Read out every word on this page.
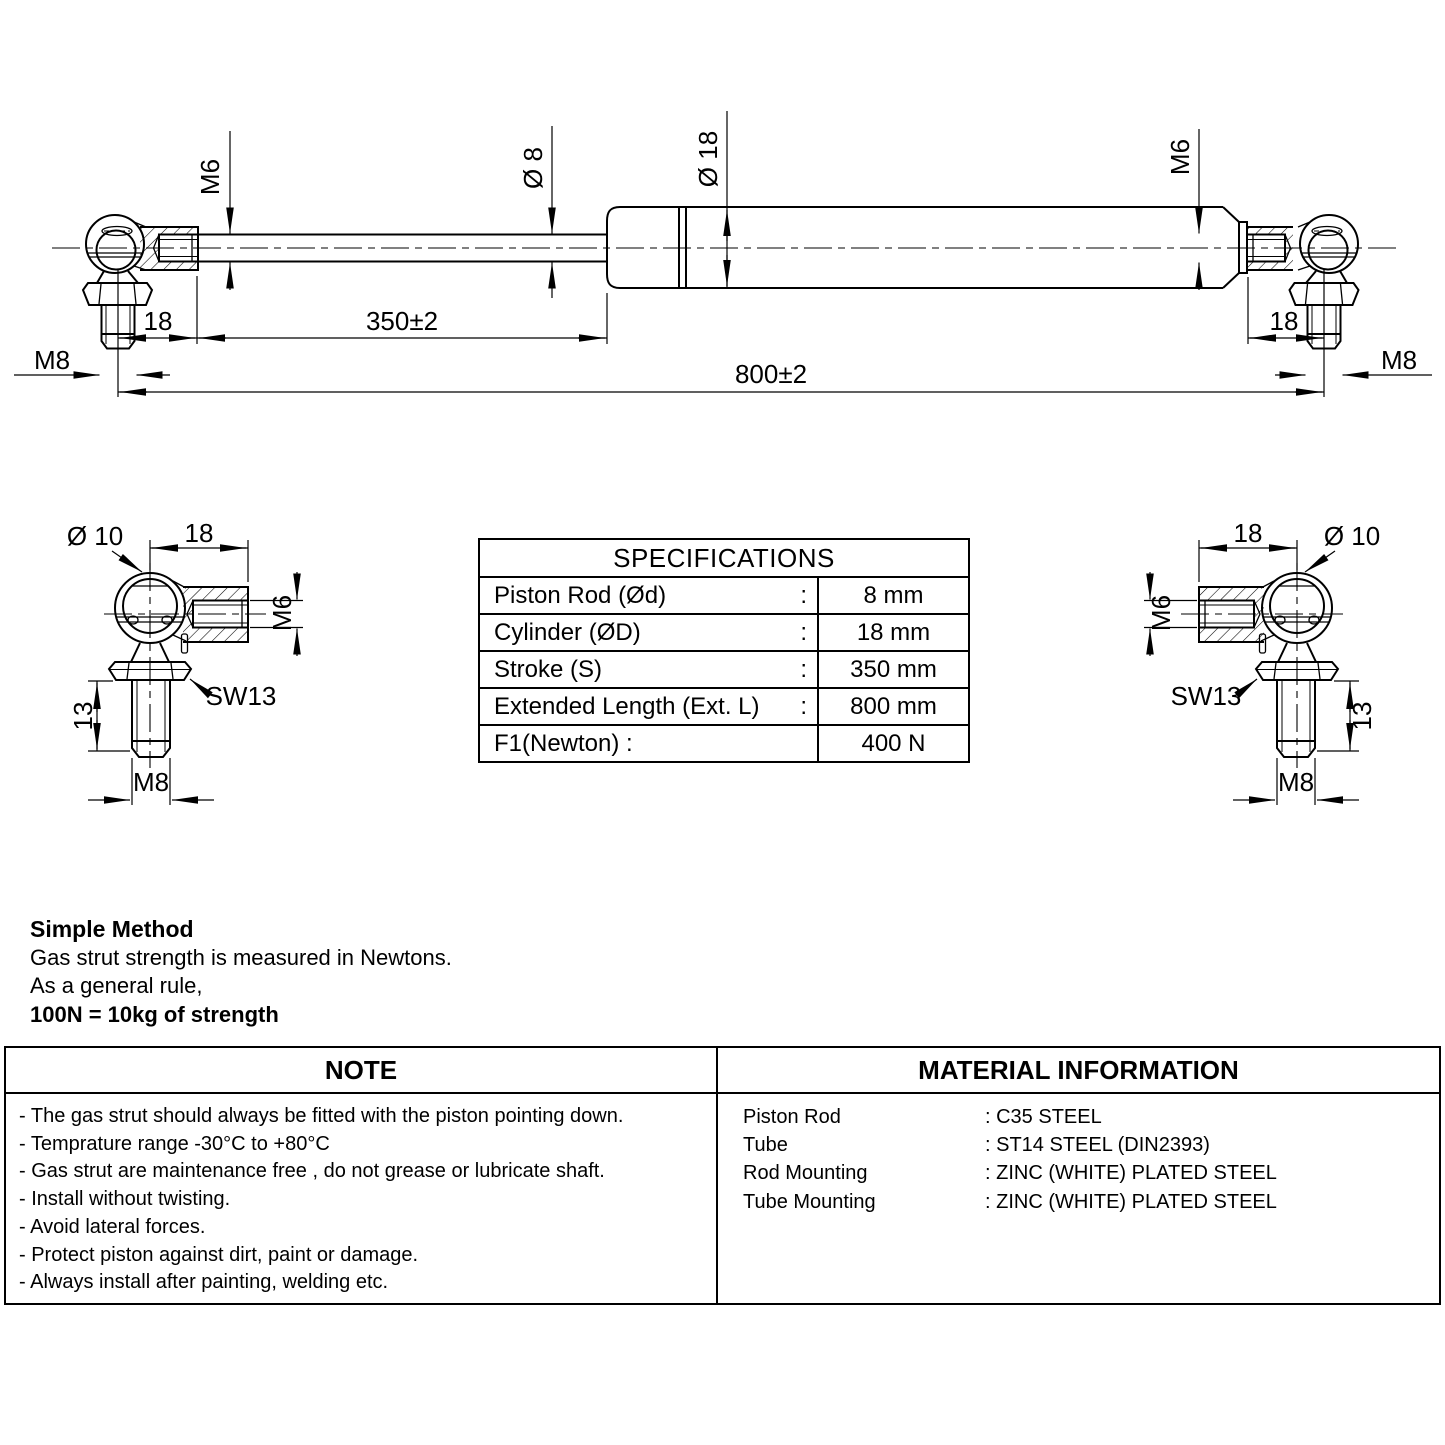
M6	Ø 8	Ø 18	M6
18	350±2	18
M8	M8
800±2
Ø 10 18
M6
SW13
13
M8
18 Ø 10
M6
SW13
13
M8
SPECIFICATIONS
Piston Rod (Ød)	:	8 mm
Cylinder (ØD)	:	18 mm
Stroke (S)	:	350 mm
Extended Length (Ext. L) :	800 mm
F1(Newton) :	400 N
Simple Method
Gas strut strength is measured in Newtons.
As a general rule,
100N = 10kg of strength
NOTE
- The gas strut should always be fitted with the piston pointing down.
- Temprature range -30°C to +80°C
- Gas strut are maintenance free , do not grease or lubricate shaft.
- Install without twisting.
- Avoid lateral forces.
- Protect piston against dirt, paint or damage.
- Always install after painting, welding etc.
MATERIAL INFORMATION
Piston Rod	: C35 STEEL
Tube	: ST14 STEEL (DIN2393)
Rod Mounting	: ZINC (WHITE) PLATED STEEL
Tube Mounting	: ZINC (WHITE) PLATED STEEL
